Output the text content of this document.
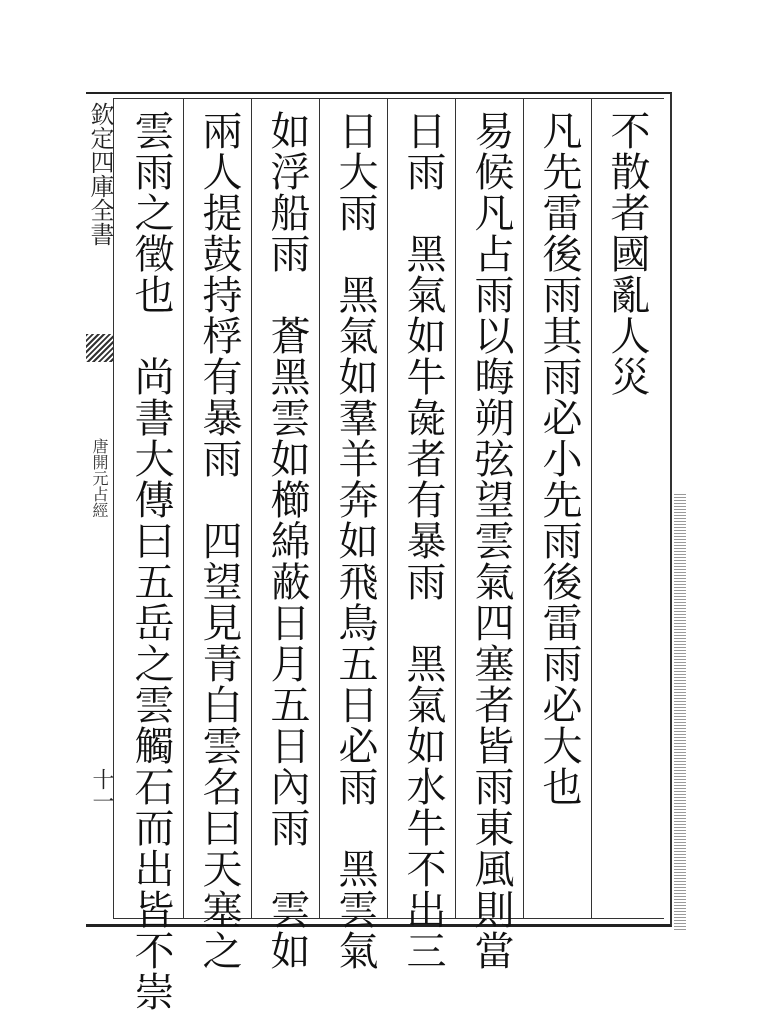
欽定四庫全書
唐開元占經
十一
不散者國亂人災
凡先雷後雨其雨必小先雨後雷雨必大也
易候凡占雨以晦朔弦望雲氣四塞者皆雨東風則當
日雨　黑氣如牛彘者有暴雨　黑氣如水牛不出三
日大雨　黑氣如羣羊奔如飛鳥五日必雨　黑雲氣
如浮船雨　蒼黑雲如櫛綿蔽日月五日內雨　雲如
兩人提鼓持桴有暴雨　四望見青白雲名曰天塞之
雲雨之徵也　尚書大傳曰五岳之雲觸石而出皆不崇
